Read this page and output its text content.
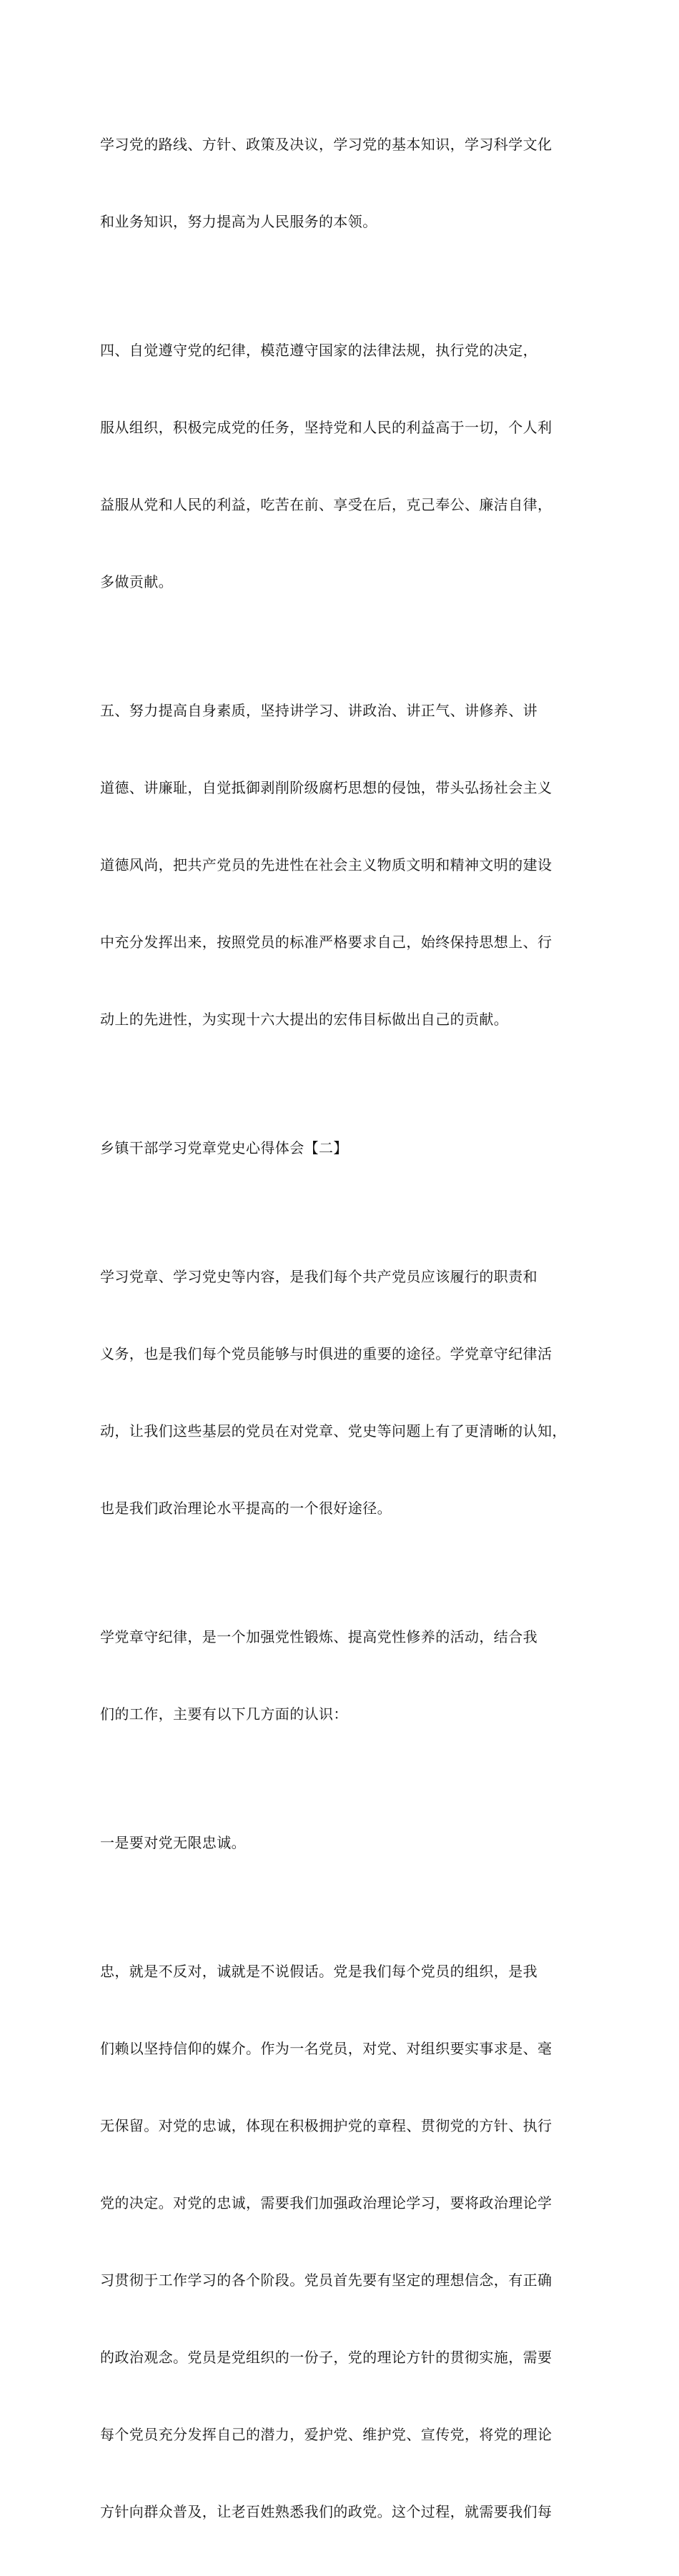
学习党的路线、方针、政策及决议，学习党的基本知识，学习科学文化

和业务知识，努力提高为人民服务的本领。

四、自觉遵守党的纪律，模范遵守国家的法律法规，执行党的决定，

服从组织，积极完成党的任务，坚持党和人民的利益高于一切，个人利

益服从党和人民的利益，吃苦在前、享受在后，克己奉公、廉洁自律，

多做贡献。

五、努力提高自身素质，坚持讲学习、讲政治、讲正气、讲修养、讲

道德、讲廉耻，自觉抵御剥削阶级腐朽思想的侵蚀，带头弘扬社会主义

道德风尚，把共产党员的先进性在社会主义物质文明和精神文明的建设

中充分发挥出来，按照党员的标准严格要求自己，始终保持思想上、行

动上的先进性，为实现十六大提出的宏伟目标做出自己的贡献。

乡镇干部学习党章党史心得体会【二】

学习党章、学习党史等内容，是我们每个共产党员应该履行的职责和

义务，也是我们每个党员能够与时俱进的重要的途径。学党章守纪律活

动，让我们这些基层的党员在对党章、党史等问题上有了更清晰的认知，

也是我们政治理论水平提高的一个很好途径。

学党章守纪律，是一个加强党性锻炼、提高党性修养的活动，结合我

们的工作，主要有以下几方面的认识：

一是要对党无限忠诚。

忠，就是不反对，诚就是不说假话。党是我们每个党员的组织，是我

们赖以坚持信仰的媒介。作为一名党员，对党、对组织要实事求是、毫

无保留。对党的忠诚，体现在积极拥护党的章程、贯彻党的方针、执行

党的决定。对党的忠诚，需要我们加强政治理论学习，要将政治理论学

习贯彻于工作学习的各个阶段。党员首先要有坚定的理想信念，有正确

的政治观念。党员是党组织的一份子，党的理论方针的贯彻实施，需要

每个党员充分发挥自己的潜力，爱护党、维护党、宣传党，将党的理论

方针向群众普及，让老百姓熟悉我们的政党。这个过程，就需要我们每
